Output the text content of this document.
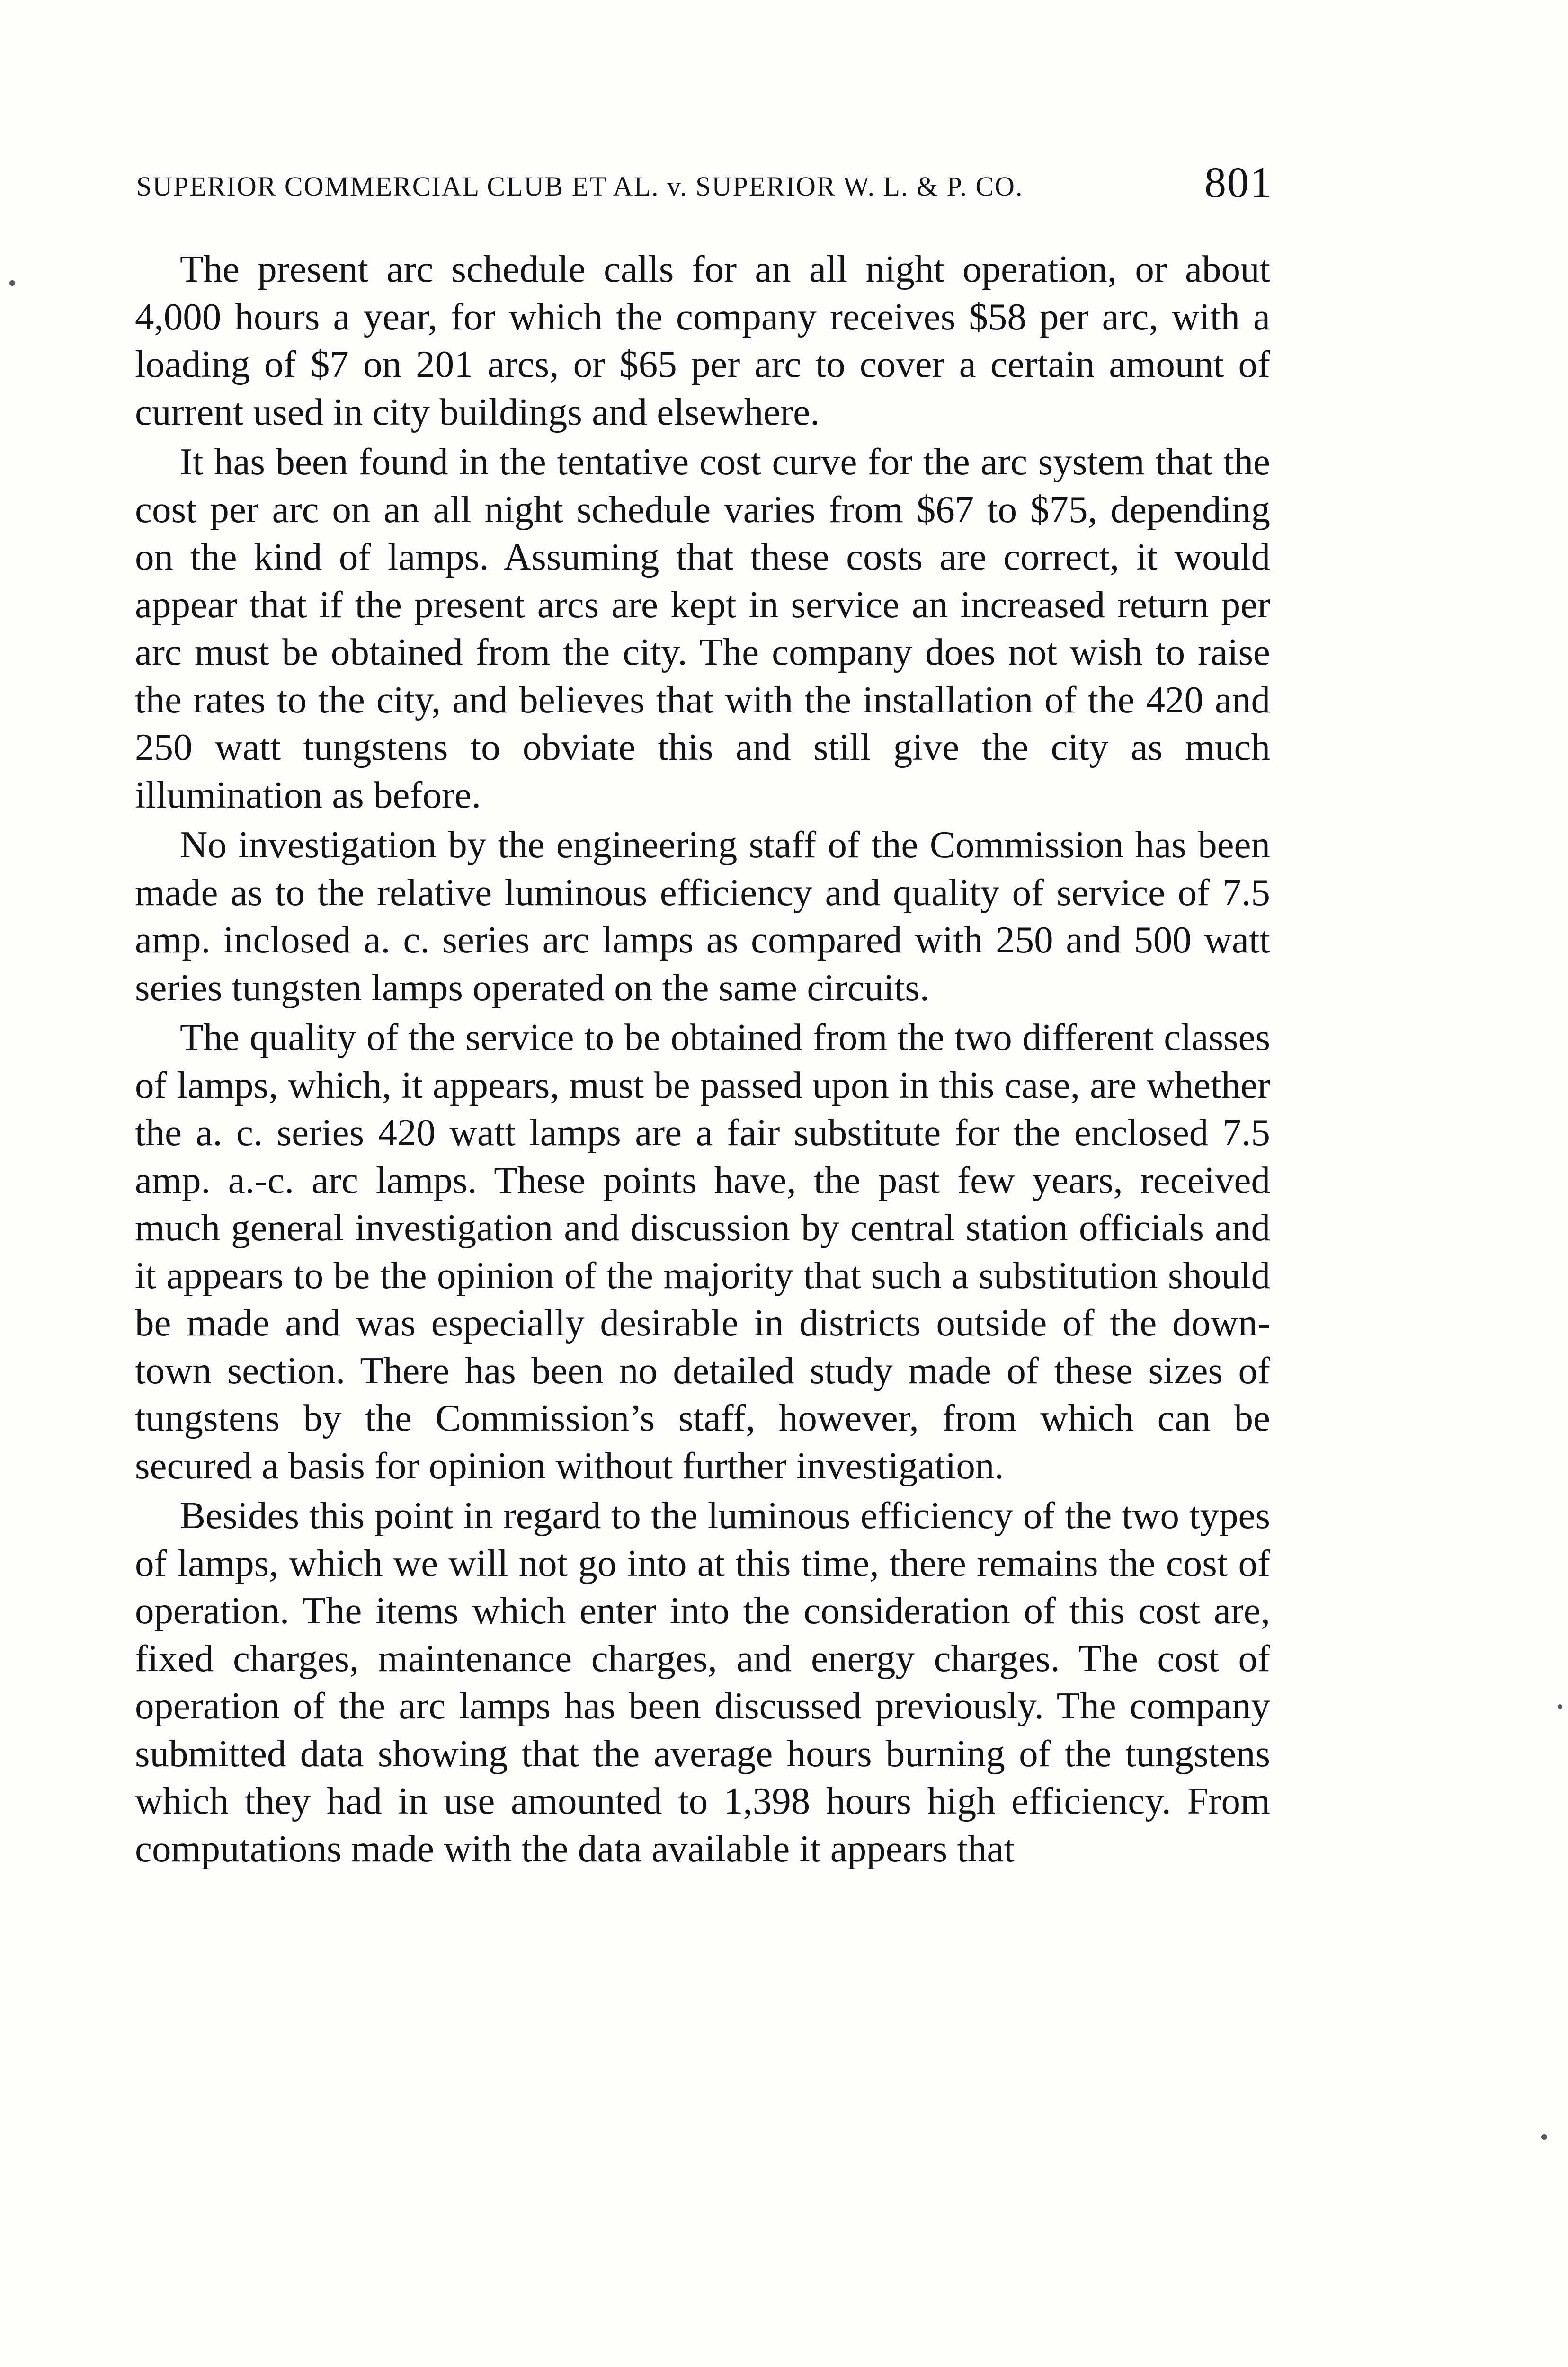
SUPERIOR COMMERCIAL CLUB ET AL. v. SUPERIOR W. L. & P. CO.	801

The present arc schedule calls for an all night operation, or about 4,000 hours a year, for which the company receives $58 per arc, with a loading of $7 on 201 arcs, or $65 per arc to cover a certain amount of current used in city buildings and elsewhere.

It has been found in the tentative cost curve for the arc system that the cost per arc on an all night schedule varies from $67 to $75, depending on the kind of lamps. Assuming that these costs are correct, it would appear that if the present arcs are kept in service an increased return per arc must be obtained from the city. The company does not wish to raise the rates to the city, and believes that with the installation of the 420 and 250 watt tungstens to obviate this and still give the city as much illumination as before.

No investigation by the engineering staff of the Commission has been made as to the relative luminous efficiency and quality of service of 7.5 amp. inclosed a. c. series arc lamps as compared with 250 and 500 watt series tungsten lamps operated on the same circuits.

The quality of the service to be obtained from the two different classes of lamps, which, it appears, must be passed upon in this case, are whether the a. c. series 420 watt lamps are a fair substitute for the enclosed 7.5 amp. a.-c. arc lamps. These points have, the past few years, received much general investigation and discussion by central station officials and it appears to be the opinion of the majority that such a substitution should be made and was especially desirable in districts outside of the down-town section. There has been no detailed study made of these sizes of tungstens by the Commission’s staff, however, from which can be secured a basis for opinion without further investigation.

Besides this point in regard to the luminous efficiency of the two types of lamps, which we will not go into at this time, there remains the cost of operation. The items which enter into the consideration of this cost are, fixed charges, maintenance charges, and energy charges. The cost of operation of the arc lamps has been discussed previously. The company submitted data showing that the average hours burning of the tungstens which they had in use amounted to 1,398 hours high efficiency. From computations made with the data available it appears that
